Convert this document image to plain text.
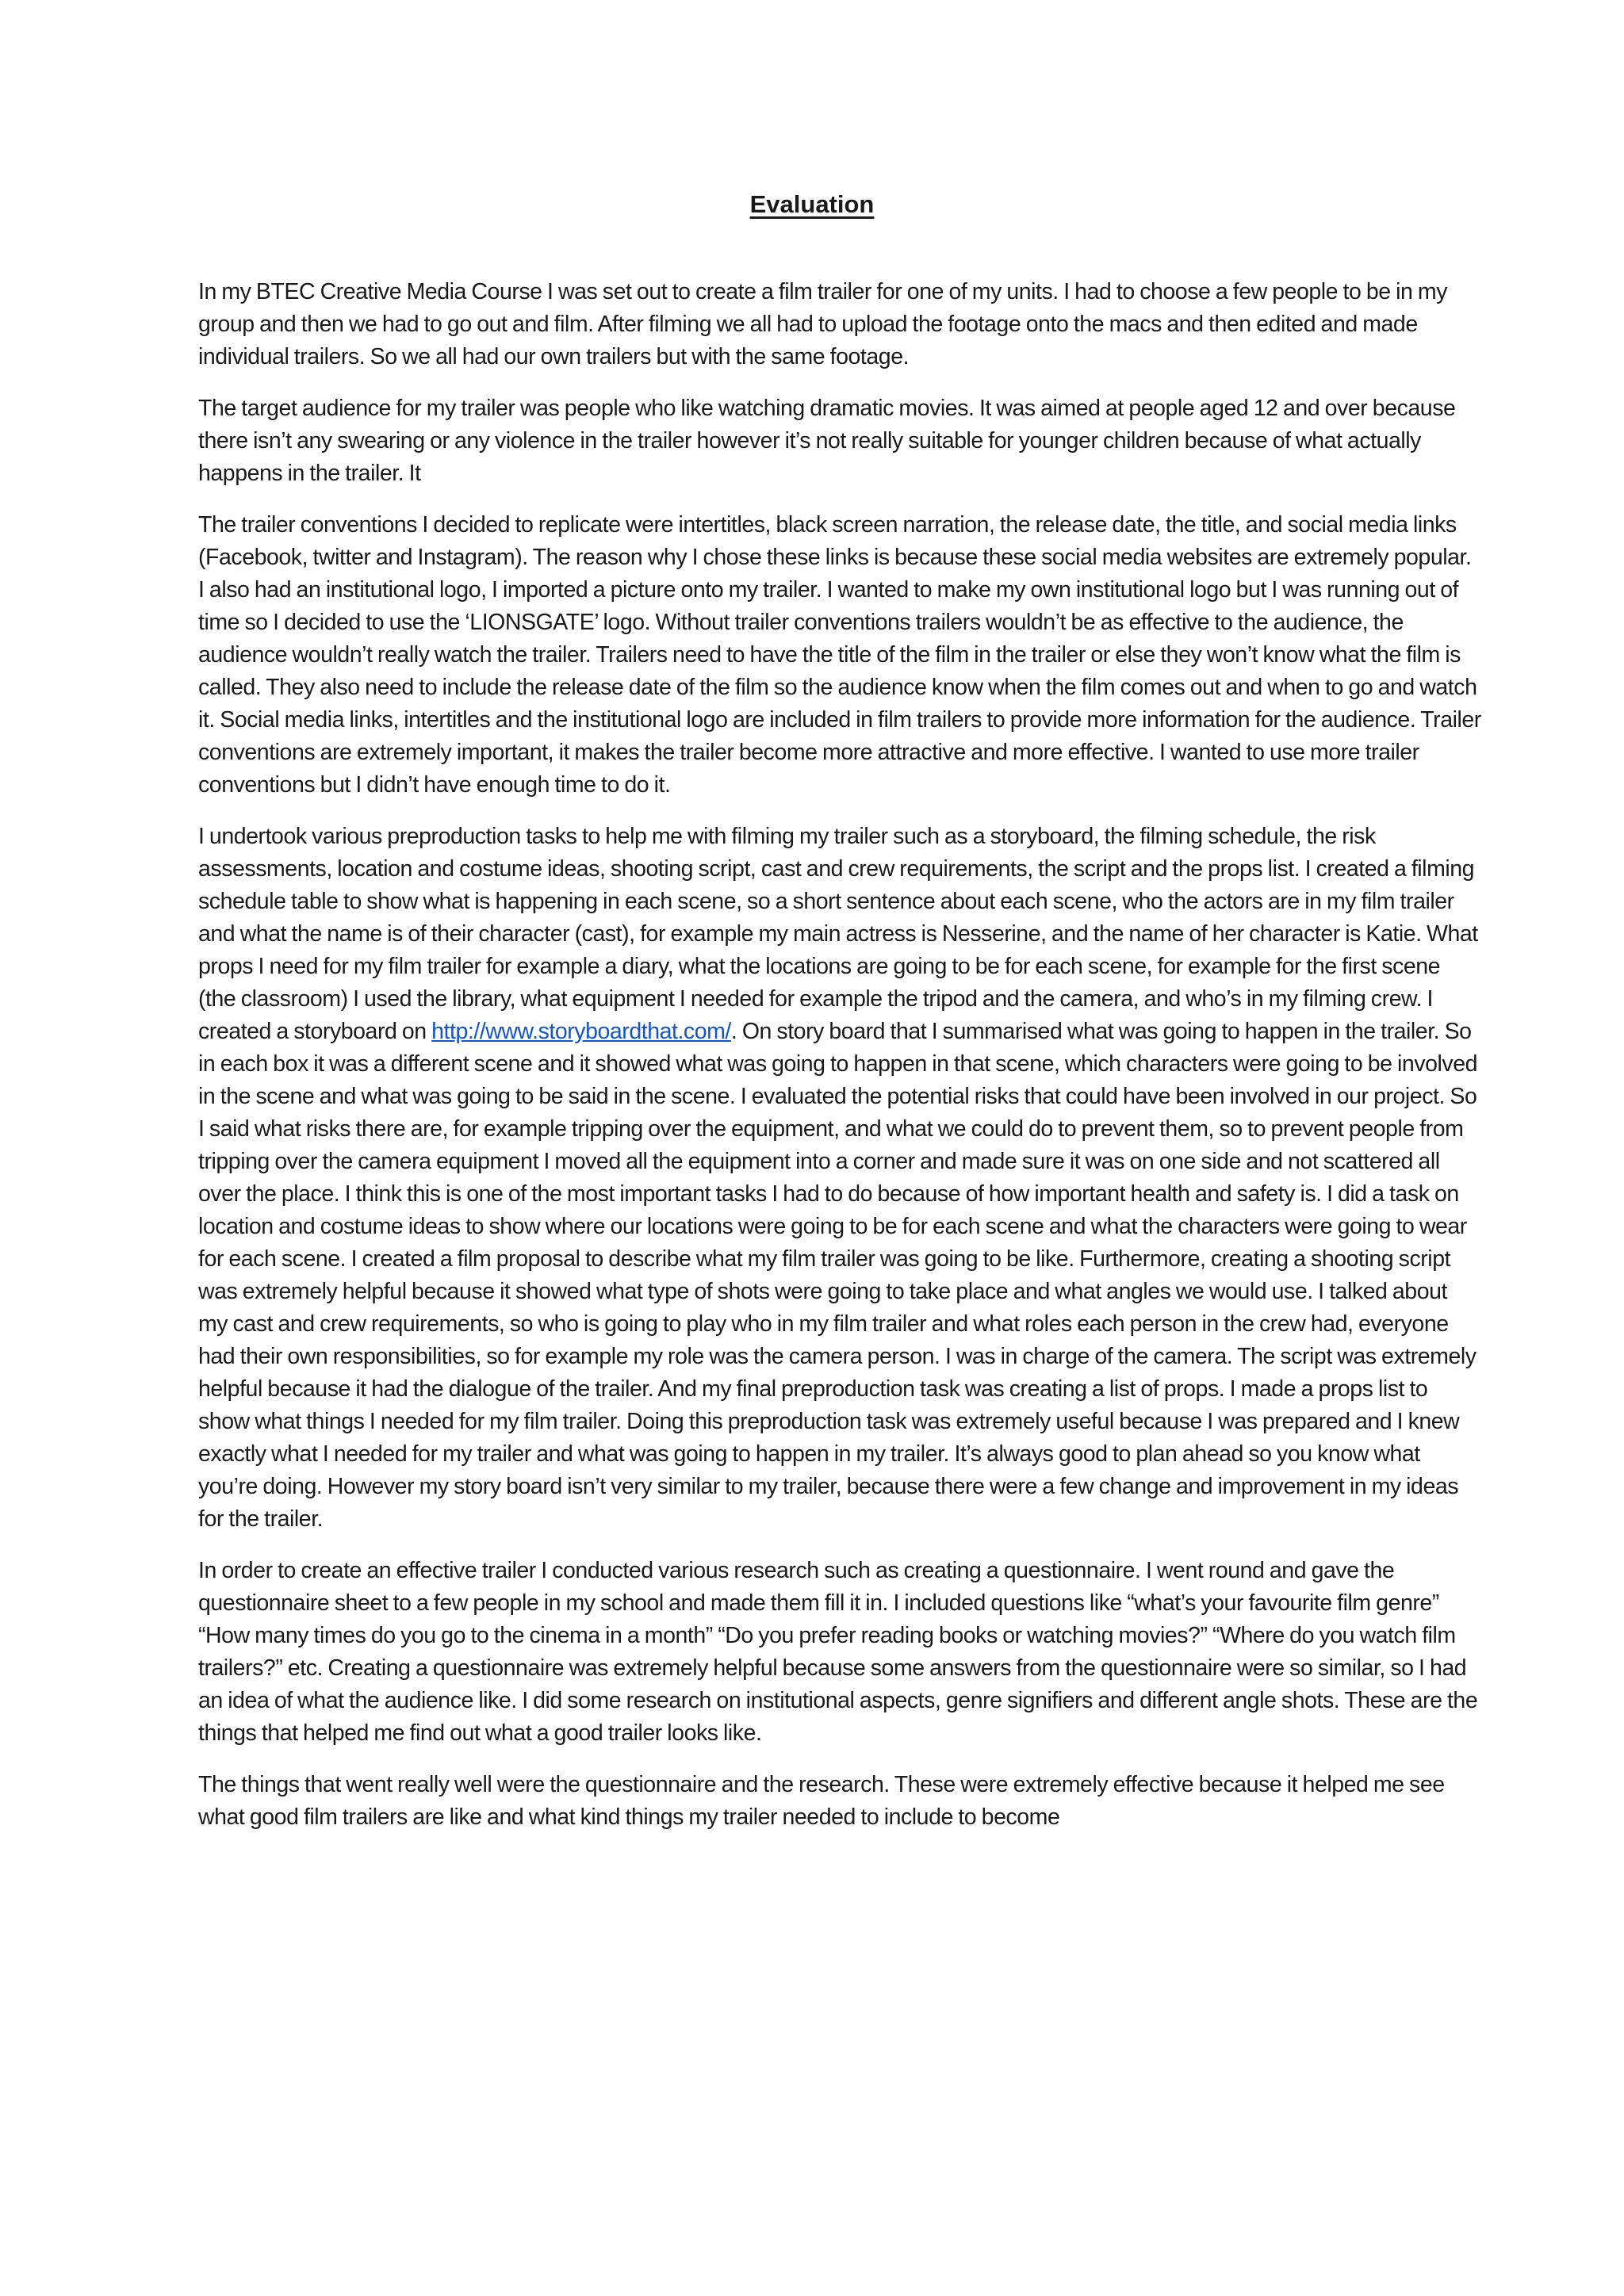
Evaluation

In my BTEC Creative Media Course I was set out to create a film trailer for one of my units. I had to choose a few people to be in my group and then we had to go out and film. After filming we all had to upload the footage onto the macs and then edited and made individual trailers. So we all had our own trailers but with the same footage.

The target audience for my trailer was people who like watching dramatic movies. It was aimed at people aged 12 and over because there isn’t any swearing or any violence in the trailer however it’s not really suitable for younger children because of what actually happens in the trailer. It

The trailer conventions I decided to replicate were intertitles, black screen narration, the release date, the title, and social media links (Facebook, twitter and Instagram). The reason why I chose these links is because these social media websites are extremely popular. I also had an institutional logo, I imported a picture onto my trailer. I wanted to make my own institutional logo but I was running out of time so I decided to use the ‘LIONSGATE’ logo. Without trailer conventions trailers wouldn’t be as effective to the audience, the audience wouldn’t really watch the trailer. Trailers need to have the title of the film in the trailer or else they won’t know what the film is called. They also need to include the release date of the film so the audience know when the film comes out and when to go and watch it. Social media links, intertitles and the institutional logo are included in film trailers to provide more information for the audience. Trailer conventions are extremely important, it makes the trailer become more attractive and more effective. I wanted to use more trailer conventions but I didn’t have enough time to do it.

I undertook various preproduction tasks to help me with filming my trailer such as a storyboard, the filming schedule, the risk assessments, location and costume ideas, shooting script, cast and crew requirements, the script and the props list. I created a filming schedule table to show what is happening in each scene, so a short sentence about each scene, who the actors are in my film trailer and what the name is of their character (cast), for example my main actress is Nesserine, and the name of her character is Katie. What props I need for my film trailer for example a diary, what the locations are going to be for each scene, for example for the first scene (the classroom) I used the library, what equipment I needed for example the tripod and the camera, and who’s in my filming crew. I created a storyboard on http://www.storyboardthat.com/. On story board that I summarised what was going to happen in the trailer. So in each box it was a different scene and it showed what was going to happen in that scene, which characters were going to be involved in the scene and what was going to be said in the scene. I evaluated the potential risks that could have been involved in our project. So I said what risks there are, for example tripping over the equipment, and what we could do to prevent them, so to prevent people from tripping over the camera equipment I moved all the equipment into a corner and made sure it was on one side and not scattered all over the place. I think this is one of the most important tasks I had to do because of how important health and safety is. I did a task on location and costume ideas to show where our locations were going to be for each scene and what the characters were going to wear for each scene. I created a film proposal to describe what my film trailer was going to be like. Furthermore, creating a shooting script was extremely helpful because it showed what type of shots were going to take place and what angles we would use. I talked about my cast and crew requirements, so who is going to play who in my film trailer and what roles each person in the crew had, everyone had their own responsibilities, so for example my role was the camera person. I was in charge of the camera. The script was extremely helpful because it had the dialogue of the trailer. And my final preproduction task was creating a list of props. I made a props list to show what things I needed for my film trailer. Doing this preproduction task was extremely useful because I was prepared and I knew exactly what I needed for my trailer and what was going to happen in my trailer. It’s always good to plan ahead so you know what you’re doing. However my story board isn’t very similar to my trailer, because there were a few change and improvement in my ideas for the trailer.

In order to create an effective trailer I conducted various research such as creating a questionnaire. I went round and gave the questionnaire sheet to a few people in my school and made them fill it in. I included questions like “what’s your favourite film genre” “How many times do you go to the cinema in a month” “Do you prefer reading books or watching movies?” “Where do you watch film trailers?” etc. Creating a questionnaire was extremely helpful because some answers from the questionnaire were so similar, so I had an idea of what the audience like. I did some research on institutional aspects, genre signifiers and different angle shots. These are the things that helped me find out what a good trailer looks like.

The things that went really well were the questionnaire and the research. These were extremely effective because it helped me see what good film trailers are like and what kind things my trailer needed to include to become
